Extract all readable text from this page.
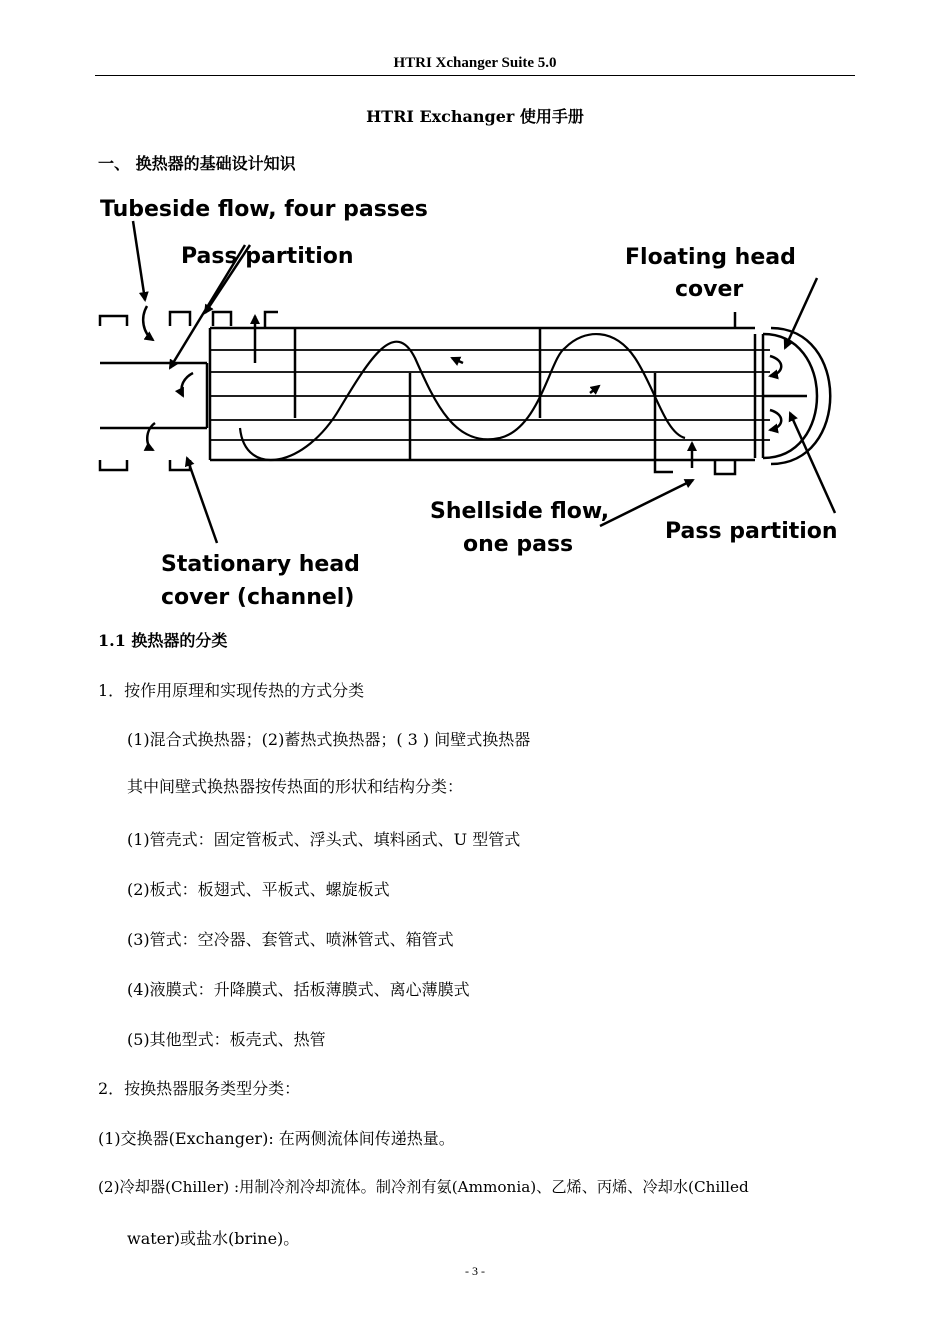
HTRI Xchanger Suite 5.0
HTRI Exchanger 使用手册
一、 换热器的基础设计知识
Tubeside flow, four passes
Pass partition	Floating head
cover
Shellside flow,
one pass
Pass partition
Stationary head
cover (channel)
1.1 换热器的分类
1．按作用原理和实现传热的方式分类
(1)混合式换热器；(2)蓄热式换热器；( 3 ) 间壁式换热器
其中间壁式换热器按传热面的形状和结构分类：
(1)管壳式：固定管板式、浮头式、填料函式、U 型管式
(2)板式：板翅式、平板式、螺旋板式
(3)管式：空冷器、套管式、喷淋管式、箱管式
(4)液膜式：升降膜式、括板薄膜式、离心薄膜式
(5)其他型式：板壳式、热管
2．按换热器服务类型分类：
(1)交换器(Exchanger): 在两侧流体间传递热量。
(2)冷却器(Chiller) :用制冷剂冷却流体。制冷剂有氨(Ammonia)、乙烯、丙烯、冷却水(Chilled
water)或盐水(brine)。
- 3 -
